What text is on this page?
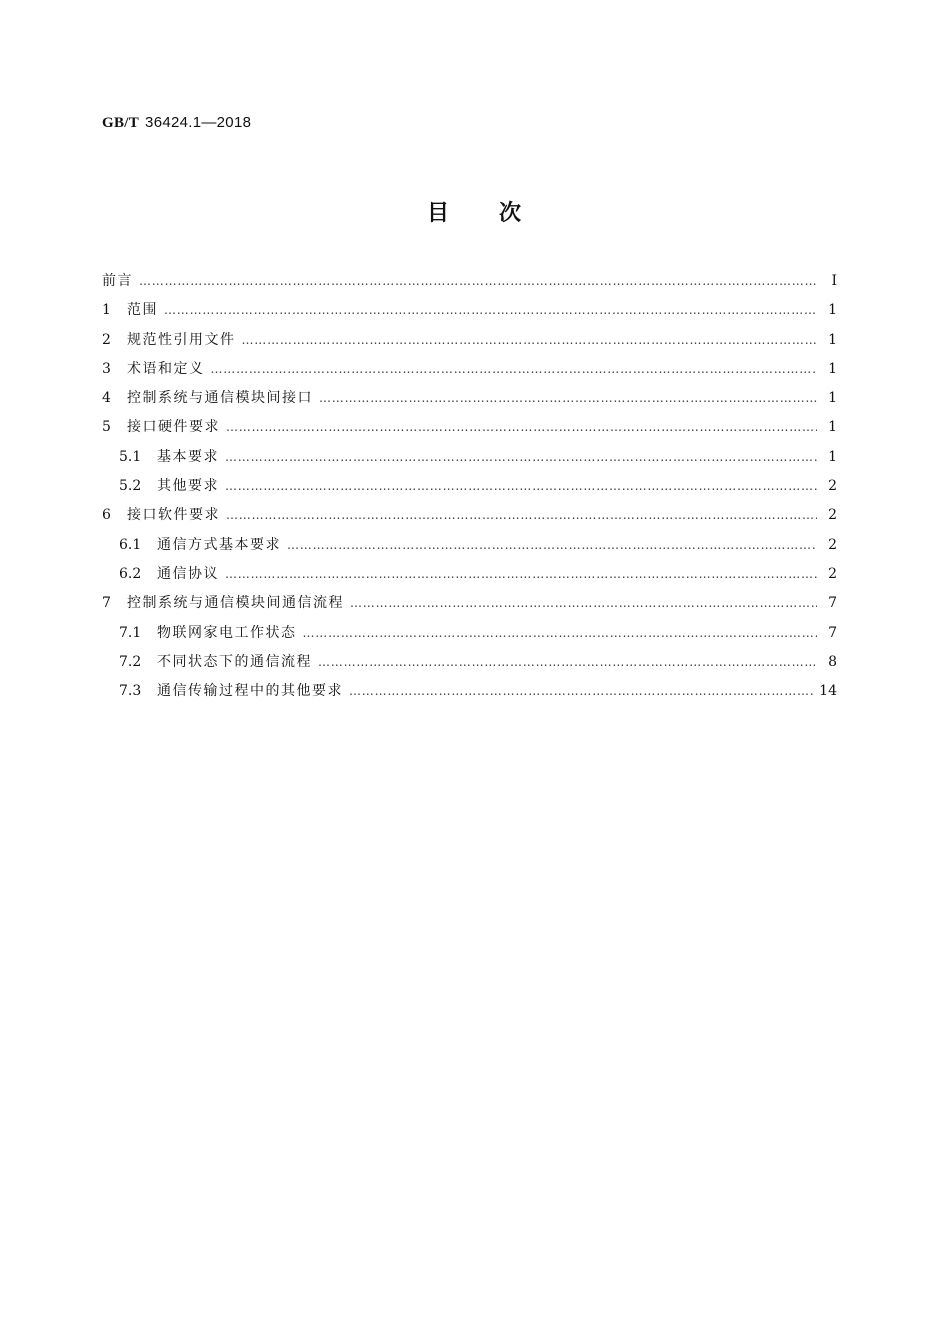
GB/T 36424.1—2018
目　　次
前言 …………………………………………………………………………………………………………………………………………………………………………………………	I
1	范围 …………………………………………………………………………………………………………………………………………………………………………………………	1
2	规范性引用文件 …………………………………………………………………………………………………………………………………………………………………………………………	1
3	术语和定义 …………………………………………………………………………………………………………………………………………………………………………………………	1
4	控制系统与通信模块间接口 …………………………………………………………………………………………………………………………………………………………………………………………	1
5	接口硬件要求 …………………………………………………………………………………………………………………………………………………………………………………………	1
5.1	基本要求 …………………………………………………………………………………………………………………………………………………………………………………………	1
5.2	其他要求 …………………………………………………………………………………………………………………………………………………………………………………………	2
6	接口软件要求 …………………………………………………………………………………………………………………………………………………………………………………………	2
6.1	通信方式基本要求 …………………………………………………………………………………………………………………………………………………………………………………………	2
6.2	通信协议 …………………………………………………………………………………………………………………………………………………………………………………………	2
7	控制系统与通信模块间通信流程 …………………………………………………………………………………………………………………………………………………………………………………………	7
7.1	物联网家电工作状态 …………………………………………………………………………………………………………………………………………………………………………………………	7
7.2	不同状态下的通信流程 …………………………………………………………………………………………………………………………………………………………………………………………	8
7.3	通信传输过程中的其他要求 …………………………………………………………………………………………………………………………………………………………………………………………	14
